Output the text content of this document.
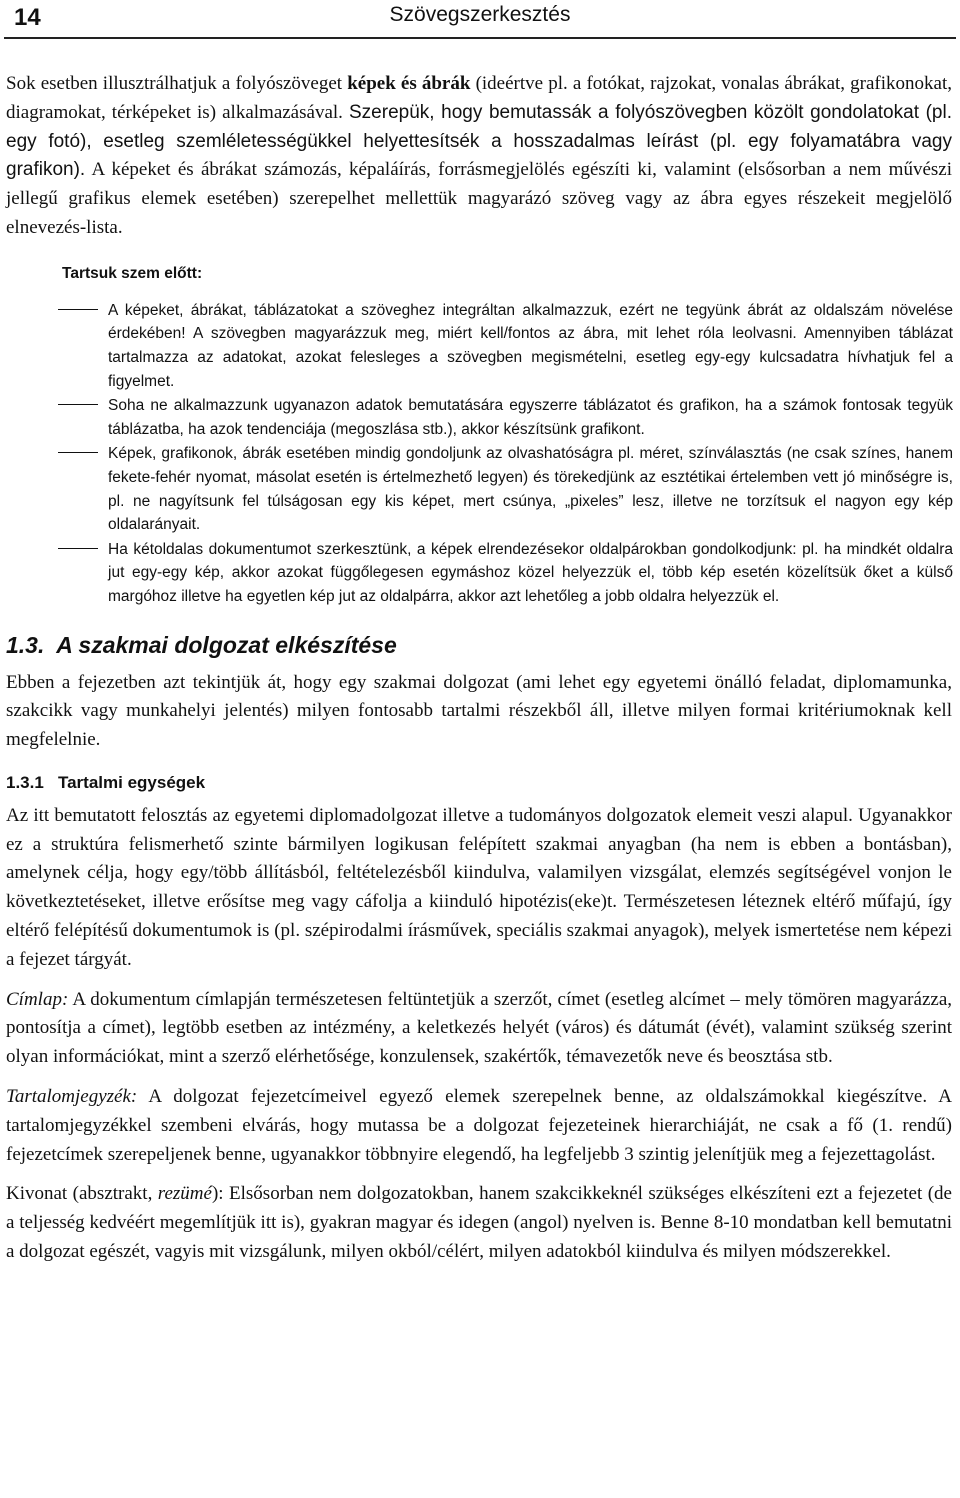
14	Szövegszerkesztés

Sok esetben illusztrálhatjuk a folyószöveget képek és ábrák (ideértve pl. a fotókat, rajzokat, vonalas ábrákat, grafikonokat, diagramokat, térképeket is) alkalmazásával. Szerepük, hogy bemutassák a folyószövegben közölt gondolatokat (pl. egy fotó), esetleg szemléletességükkel helyettesítsék a hosszadalmas leírást (pl. egy folyamatábra vagy grafikon). A képeket és ábrákat számozás, képaláírás, forrásmegjelölés egészíti ki, valamint (elsősorban a nem művészi jellegű grafikus elemek esetében) szerepelhet mellettük magyarázó szöveg vagy az ábra egyes részekeit megjelölő elnevezés-lista.

Tartsuk szem előtt:
A képeket, ábrákat, táblázatokat a szöveghez integráltan alkalmazzuk, ezért ne tegyünk ábrát az oldalszám növelése érdekében! A szövegben magyarázzuk meg, miért kell/fontos az ábra, mit lehet róla leolvasni. Amennyiben táblázat tartalmazza az adatokat, azokat felesleges a szövegben megismételni, esetleg egy-egy kulcsadatra hívhatjuk fel a figyelmet.
Soha ne alkalmazzunk ugyanazon adatok bemutatására egyszerre táblázatot és grafikon, ha a számok fontosak tegyük táblázatba, ha azok tendenciája (megoszlása stb.), akkor készítsünk grafikont.
Képek, grafikonok, ábrák esetében mindig gondoljunk az olvashatóságra pl. méret, színválasztás (ne csak színes, hanem fekete-fehér nyomat, másolat esetén is értelmezhető legyen) és törekedjünk az esztétikai értelemben vett jó minőségre is, pl. ne nagyítsunk fel túlságosan egy kis képet, mert csúnya, „pixeles” lesz, illetve ne torzítsuk el nagyon egy kép oldalarányait.
Ha kétoldalas dokumentumot szerkesztünk, a képek elrendezésekor oldalpárokban gondolkodjunk: pl. ha mindkét oldalra jut egy-egy kép, akkor azokat függőlegesen egymáshoz közel helyezzük el, több kép esetén közelítsük őket a külső margóhoz illetve ha egyetlen kép jut az oldalpárra, akkor azt lehetőleg a jobb oldalra helyezzük el.
1.3.  A szakmai dolgozat elkészítése

Ebben a fejezetben azt tekintjük át, hogy egy szakmai dolgozat (ami lehet egy egyetemi önálló feladat, diplomamunka, szakcikk vagy munkahelyi jelentés) milyen fontosabb tartalmi részekből áll, illetve milyen formai kritériumoknak kell megfelelnie.

1.3.1   Tartalmi egységek

Az itt bemutatott felosztás az egyetemi diplomadolgozat illetve a tudományos dolgozatok elemeit veszi alapul. Ugyanakkor ez a struktúra felismerhető szinte bármilyen logikusan felépített szakmai anyagban (ha nem is ebben a bontásban), amelynek célja, hogy egy/több állításból, feltételezésből kiindulva, valamilyen vizsgálat, elemzés segítségével vonjon le következtetéseket, illetve erősítse meg vagy cáfolja a kiinduló hipotézis(eke)t. Természetesen léteznek eltérő műfajú, így eltérő felépítésű dokumentumok is (pl. szépirodalmi írásművek, speciális szakmai anyagok), melyek ismertetése nem képezi a fejezet tárgyát.

Címlap: A dokumentum címlapján természetesen feltüntetjük a szerzőt, címet (esetleg alcímet – mely tömören magyarázza, pontosítja a címet), legtöbb esetben az intézmény, a keletkezés helyét (város) és dátumát (évét), valamint szükség szerint olyan információkat, mint a szerző elérhetősége, konzulensek, szakértők, témavezetők neve és beosztása stb.

Tartalomjegyzék: A dolgozat fejezetcímeivel egyező elemek szerepelnek benne, az oldalszámokkal kiegészítve. A tartalomjegyzékkel szembeni elvárás, hogy mutassa be a dolgozat fejezeteinek hierarchiáját, ne csak a fő (1. rendű) fejezetcímek szerepeljenek benne, ugyanakkor többnyire elegendő, ha legfeljebb 3 szintig jelenítjük meg a fejezettagolást.

Kivonat (absztrakt, rezümé): Elsősorban nem dolgozatokban, hanem szakcikkeknél szükséges elkészíteni ezt a fejezetet (de a teljesség kedvéért megemlítjük itt is), gyakran magyar és idegen (angol) nyelven is. Benne 8-10 mondatban kell bemutatni a dolgozat egészét, vagyis mit vizsgálunk, milyen okból/célért, milyen adatokból kiindulva és milyen módszerekkel.
